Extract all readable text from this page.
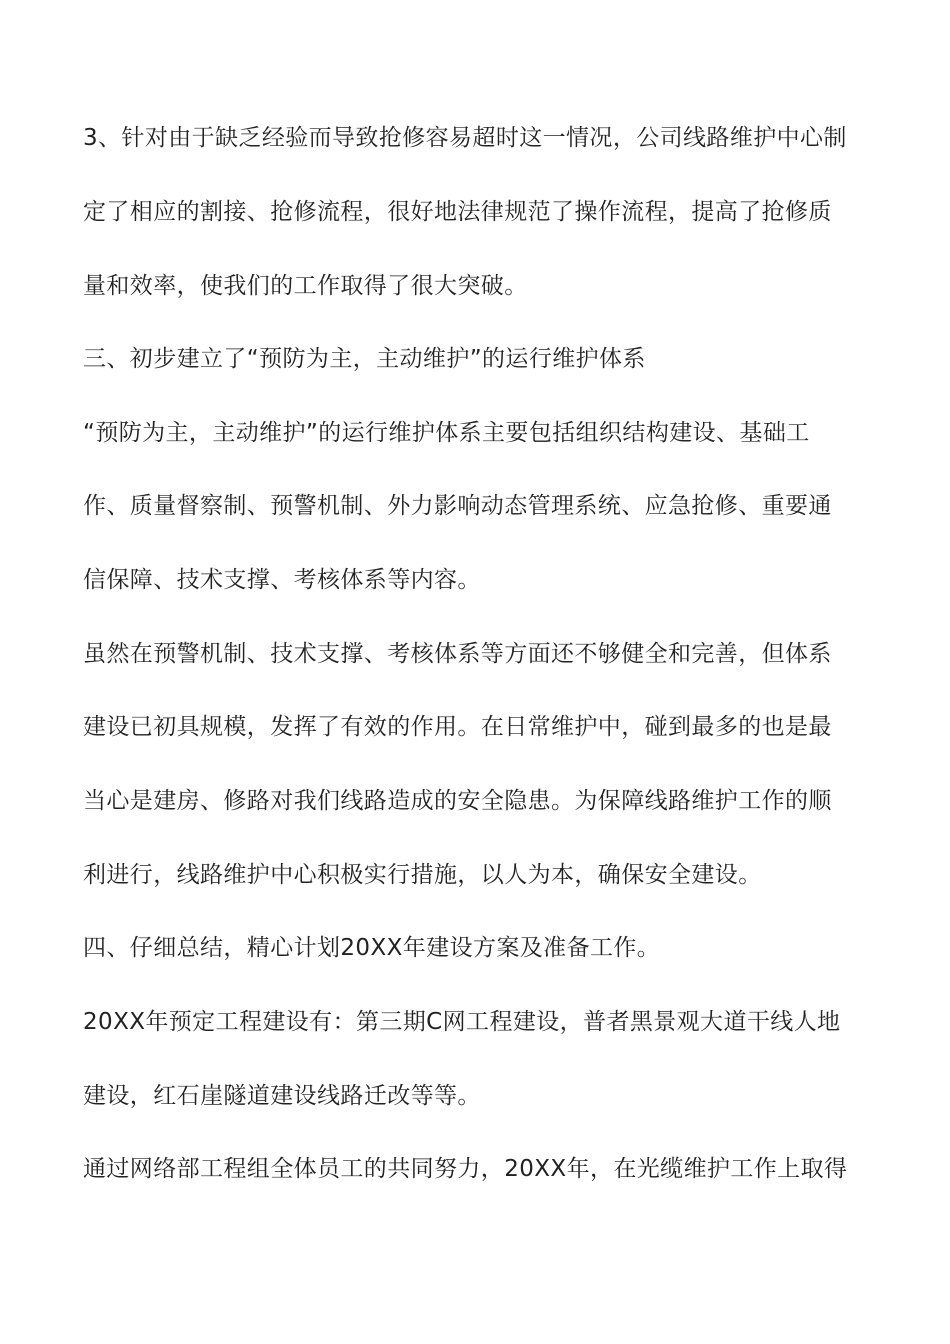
3、针对由于缺乏经验而导致抢修容易超时这一情况，公司线路维护中心制
定了相应的割接、抢修流程，很好地法律规范了操作流程，提高了抢修质
量和效率，使我们的工作取得了很大突破。
三、初步建立了“预防为主，主动维护”的运行维护体系
“预防为主，主动维护”的运行维护体系主要包括组织结构建设、基础工
作、质量督察制、预警机制、外力影响动态管理系统、应急抢修、重要通
信保障、技术支撑、考核体系等内容。
虽然在预警机制、技术支撑、考核体系等方面还不够健全和完善，但体系
建设已初具规模，发挥了有效的作用。在日常维护中，碰到最多的也是最
当心是建房、修路对我们线路造成的安全隐患。为保障线路维护工作的顺
利进行，线路维护中心积极实行措施，以人为本，确保安全建设。
四、仔细总结，精心计划20XX年建设方案及准备工作。
20XX年预定工程建设有：第三期C网工程建设，普者黑景观大道干线人地
建设，红石崖隧道建设线路迁改等等。
通过网络部工程组全体员工的共同努力，20XX年，在光缆维护工作上取得
